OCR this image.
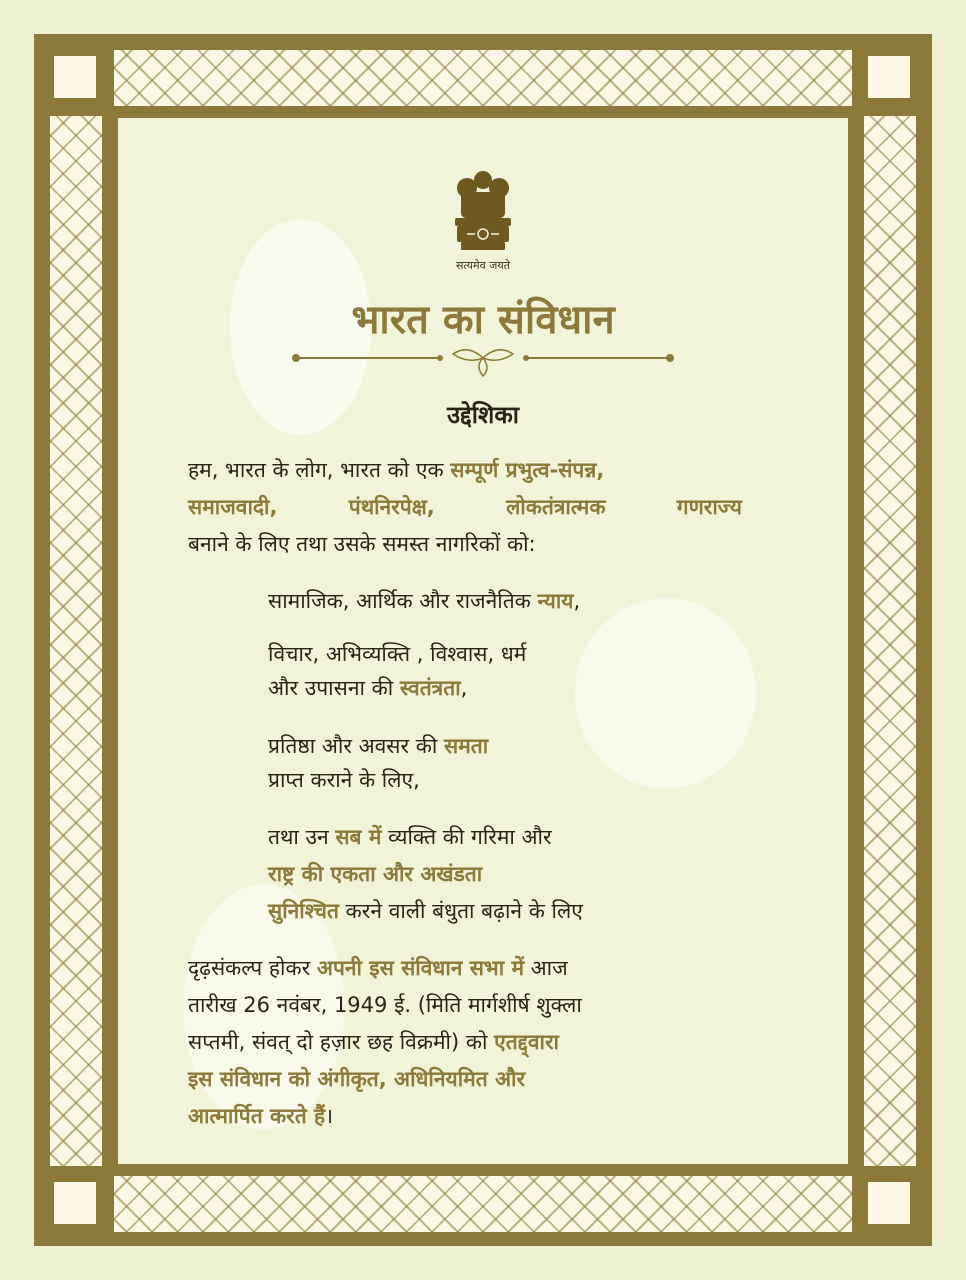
सत्यमेव जयते
भारत का संविधान
उद्देशिका
हम, भारत के लोग, भारत को एक सम्पूर्ण प्रभुत्व-संपन्न,
समाजवादी,	पंथनिरपेक्ष,	लोकतंत्रात्मक	गणराज्य
बनाने के लिए तथा उसके समस्त नागरिकों को:
सामाजिक, आर्थिक और राजनैतिक न्याय,
विचार, अभिव्यक्ति , विश्वास, धर्म
और उपासना की स्वतंत्रता,
प्रतिष्ठा और अवसर की समता
प्राप्त कराने के लिए,
तथा उन सब में व्यक्ति की गरिमा और
राष्ट्र की एकता और अखंडता
सुनिश्चित करने वाली बंधुता बढ़ाने के लिए
दृढ़संकल्प होकर अपनी इस संविधान सभा में आज
तारीख 26 नवंबर, 1949 ई. (मिति मार्गशीर्ष शुक्ला
सप्तमी, संवत् दो हज़ार छह विक्रमी) को एतद्द्वारा
इस संविधान को अंगीकृत, अधिनियमित और
आत्मार्पित करते हैं।
